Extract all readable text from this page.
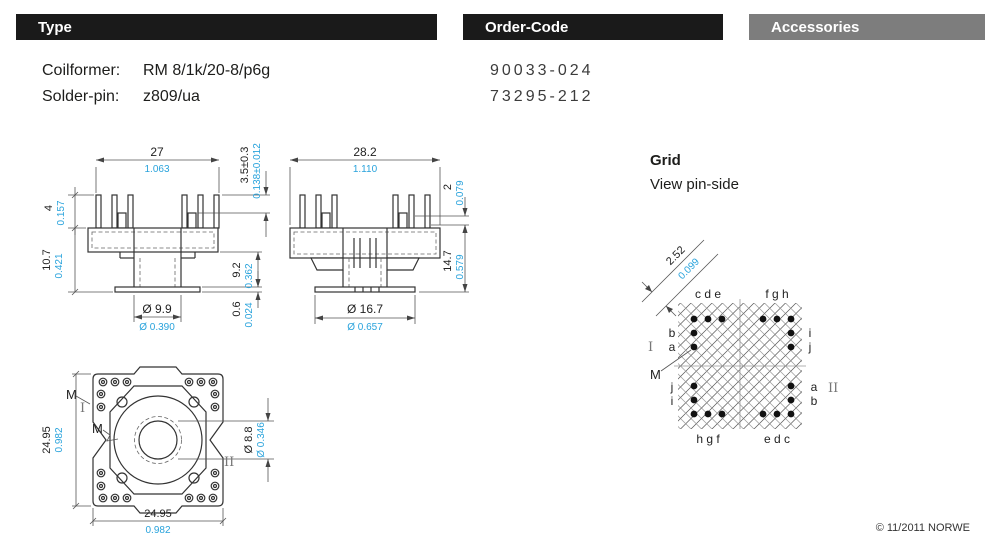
Type	Order-Code	Accessories
Coilformer: RM 8/1k/20-8/p6g
Solder-pin: z809/ua
90033-024
73295-212
Grid
View pin-side
© 11/2011 NORWE
27
1.063	3.5±0.3 0.138±0.012
4 0.157
10.7 0.421	9.2 0.362
0.6 0.024
Ø 9.9
Ø 0.390
28.2
1.110
2 0.079
14.7 0.579
Ø 16.7
Ø 0.657
24.95 0.982
24.95
0.982
Ø 8.8 Ø 0.346
M
I
M
II
2.52
0.099
c d e	f g h
h g f	e d c
b
a
j
i
i
j
a
b
I
II
M
